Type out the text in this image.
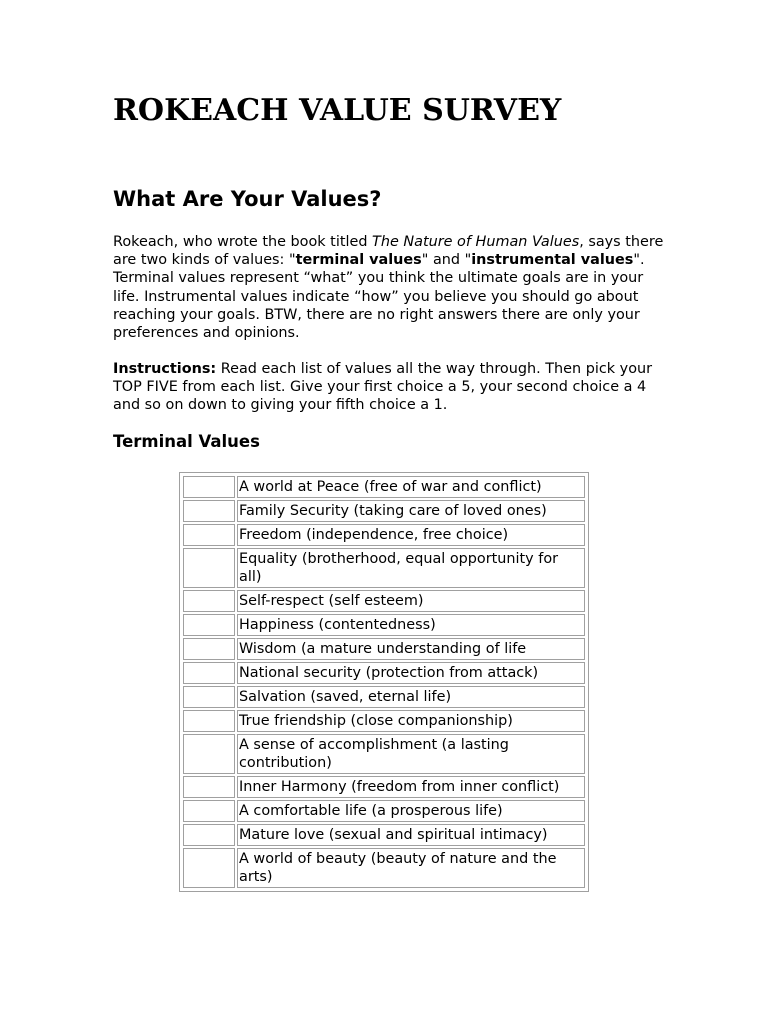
ROKEACH VALUE SURVEY
What Are Your Values?

Rokeach, who wrote the book titled The Nature of Human Values, says there are two kinds of values: "terminal values" and "instrumental values". Terminal values represent “what” you think the ultimate goals are in your life. Instrumental values indicate “how” you believe you should go about reaching your goals. BTW, there are no right answers there are only your preferences and opinions.

Instructions: Read each list of values all the way through. Then pick your TOP FIVE from each list. Give your first choice a 5, your second choice a 4 and so on down to giving your fifth choice a 1.

Terminal Values
	A world at Peace (free of war and conflict)
	Family Security (taking care of loved ones)
	Freedom (independence, free choice)
	Equality (brotherhood, equal opportunity for all)
	Self-respect (self esteem)
	Happiness (contentedness)
	Wisdom (a mature understanding of life
	National security (protection from attack)
	Salvation (saved, eternal life)
	True friendship (close companionship)
	A sense of accomplishment (a lasting contribution)
	Inner Harmony (freedom from inner conflict)
	A comfortable life (a prosperous life)
	Mature love (sexual and spiritual intimacy)
	A world of beauty (beauty of nature and the arts)
